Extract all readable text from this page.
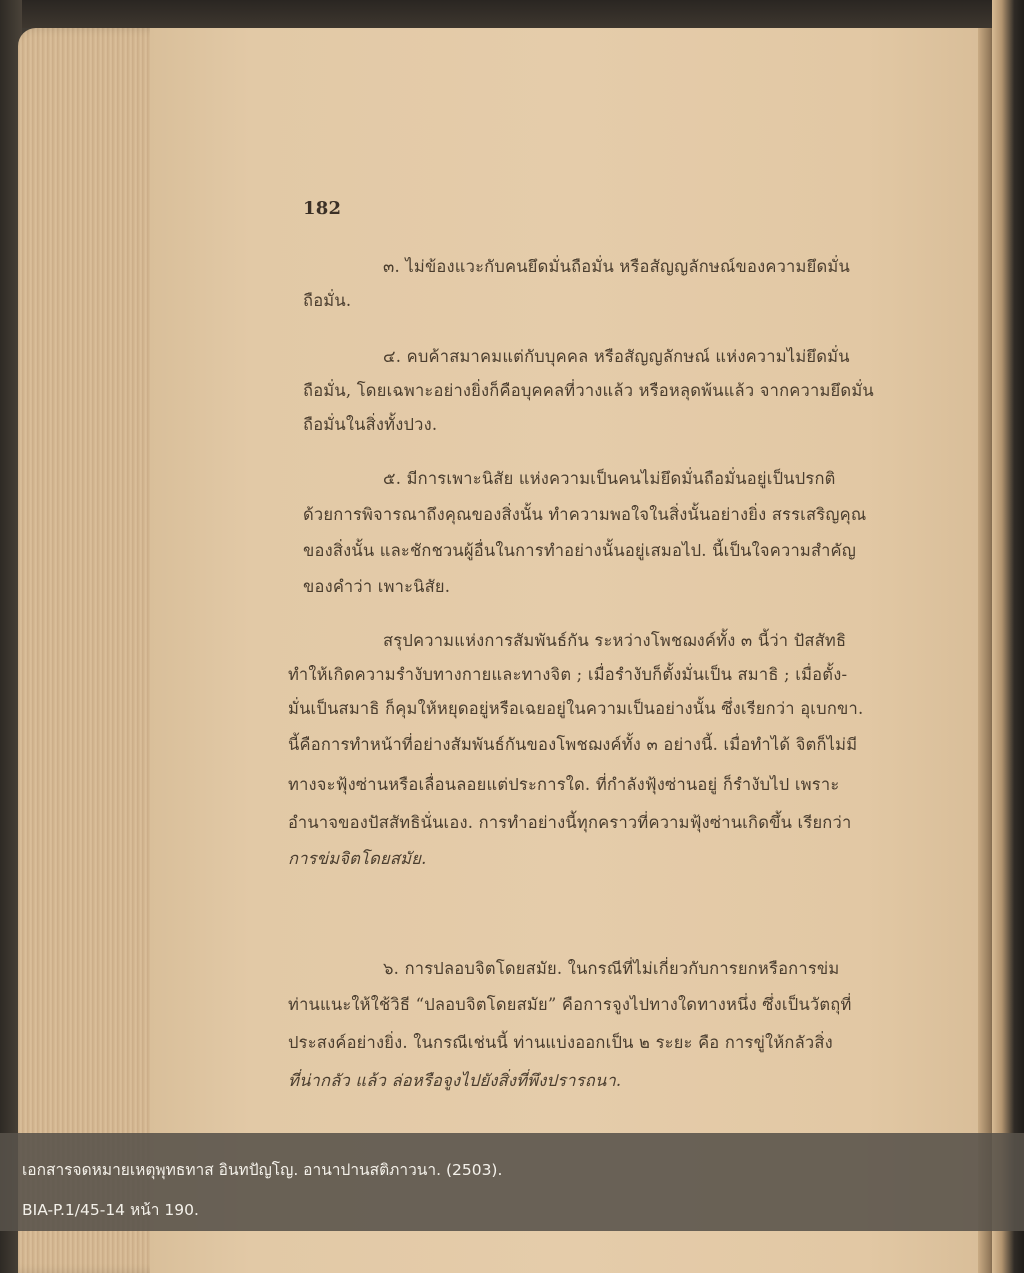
182
๓. ไม่ข้องแวะกับคนยึดมั่นถือมั่น หรือสัญญลักษณ์ของความยึดมั่น
ถือมั่น.
๔. คบค้าสมาคมแต่กับบุคคล หรือสัญญลักษณ์ แห่งความไม่ยึดมั่น
ถือมั่น, โดยเฉพาะอย่างยิ่งก็คือบุคคลที่วางแล้ว หรือหลุดพ้นแล้ว จากความยึดมั่น
ถือมั่นในสิ่งทั้งปวง.
๕. มีการเพาะนิสัย แห่งความเป็นคนไม่ยึดมั่นถือมั่นอยู่เป็นปรกติ
ด้วยการพิจารณาถึงคุณของสิ่งนั้น ทำความพอใจในสิ่งนั้นอย่างยิ่ง สรรเสริญคุณ
ของสิ่งนั้น และชักชวนผู้อื่นในการทำอย่างนั้นอยู่เสมอไป. นี้เป็นใจความสำคัญ
ของคำว่า เพาะนิสัย.
สรุปความแห่งการสัมพันธ์กัน ระหว่างโพชฌงค์ทั้ง ๓ นี้ว่า ปัสสัทธิ
ทำให้เกิดความรำงับทางกายและทางจิต ; เมื่อรำงับก็ตั้งมั่นเป็น สมาธิ ; เมื่อตั้ง-
มั่นเป็นสมาธิ ก็คุมให้หยุดอยู่หรือเฉยอยู่ในความเป็นอย่างนั้น ซึ่งเรียกว่า อุเบกขา.
นี้คือการทำหน้าที่อย่างสัมพันธ์กันของโพชฌงค์ทั้ง ๓ อย่างนี้. เมื่อทำได้ จิตก็ไม่มี
ทางจะฟุ้งซ่านหรือเลื่อนลอยแต่ประการใด. ที่กำลังฟุ้งซ่านอยู่ ก็รำงับไป เพราะ
อำนาจของปัสสัทธินั่นเอง. การทำอย่างนี้ทุกคราวที่ความฟุ้งซ่านเกิดขึ้น เรียกว่า
การข่มจิตโดยสมัย.
๖. การปลอบจิตโดยสมัย. ในกรณีที่ไม่เกี่ยวกับการยกหรือการข่ม
ท่านแนะให้ใช้วิธี “ปลอบจิตโดยสมัย” คือการจูงไปทางใดทางหนึ่ง ซึ่งเป็นวัตถุที่
ประสงค์อย่างยิ่ง. ในกรณีเช่นนี้ ท่านแบ่งออกเป็น ๒ ระยะ คือ การขู่ให้กลัวสิ่ง
ที่น่ากลัว แล้ว ล่อหรือจูงไปยังสิ่งที่พึงปรารถนา.
เอกสารจดหมายเหตุพุทธทาส อินทปัญโญ. อานาปานสติภาวนา. (2503).
BIA-P.1/45-14 หน้า 190.
